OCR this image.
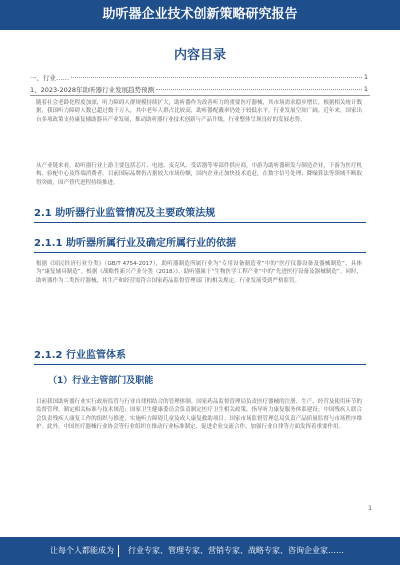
助听器企业技术创新策略研究报告
内容目录
一、行业……	1
1、2023-2028年助听器行业发展趋势预测	1
随着社会老龄化程度加深，听力障碍人群规模持续扩大，助听器作为改善听力的重要医疗器械，其市场需求稳步增长。根据相关统计数据，我国听力障碍人数已超过数千万人，其中老年人群占比较高，助听器配戴率仍处于较低水平，行业发展空间广阔。近年来，国家出台多项政策支持康复辅助器具产业发展，推动助听器行业技术创新与产品升级，行业整体呈现良好的发展态势。
从产业链来看，助听器行业上游主要包括芯片、电池、麦克风、受话器等零部件供应商，中游为助听器研发与制造企业，下游为医疗机构、验配中心及终端消费者。目前国际品牌仍占据较大市场份额，国内企业正加快技术追赶，在数字信号处理、降噪算法等领域不断取得突破，国产替代进程持续推进。
2.1 助听器行业监管情况及主要政策法规
2.1.1 助听器所属行业及确定所属行业的依据
根据《国民经济行业分类》（GB/T 4754-2017），助听器制造所属行业为“专用设备制造业”中的“医疗仪器设备及器械制造”，具体为“康复辅具制造”。根据《战略性新兴产业分类（2018）》，助听器属于“生物医学工程产业”中的“先进医疗设备及器械制造”。同时，助听器作为二类医疗器械，其生产和经营需符合国家药品监督管理部门的相关规定，行业发展受到严格监管。
2.1.2 行业监管体系
（1）行业主管部门及职能
目前我国助听器行业实行政府监管与行业自律相结合的管理体制。国家药品监督管理局负责医疗器械的注册、生产、经营及使用环节的监督管理，制定相关标准与技术规范；国家卫生健康委员会负责制定医疗卫生相关政策，指导听力康复服务体系建设；中国残疾人联合会负责残疾人康复工作的组织与推进，实施听力障碍儿童及成人康复救助项目；国家市场监督管理总局负责产品质量监督与市场秩序维护。此外，中国医疗器械行业协会等行业组织在推动行业标准制定、促进企业交流合作、加强行业自律等方面发挥着重要作用。
1
让每个人都能成为 行业专家、管理专家、营销专家、战略专家、咨询企业家……
